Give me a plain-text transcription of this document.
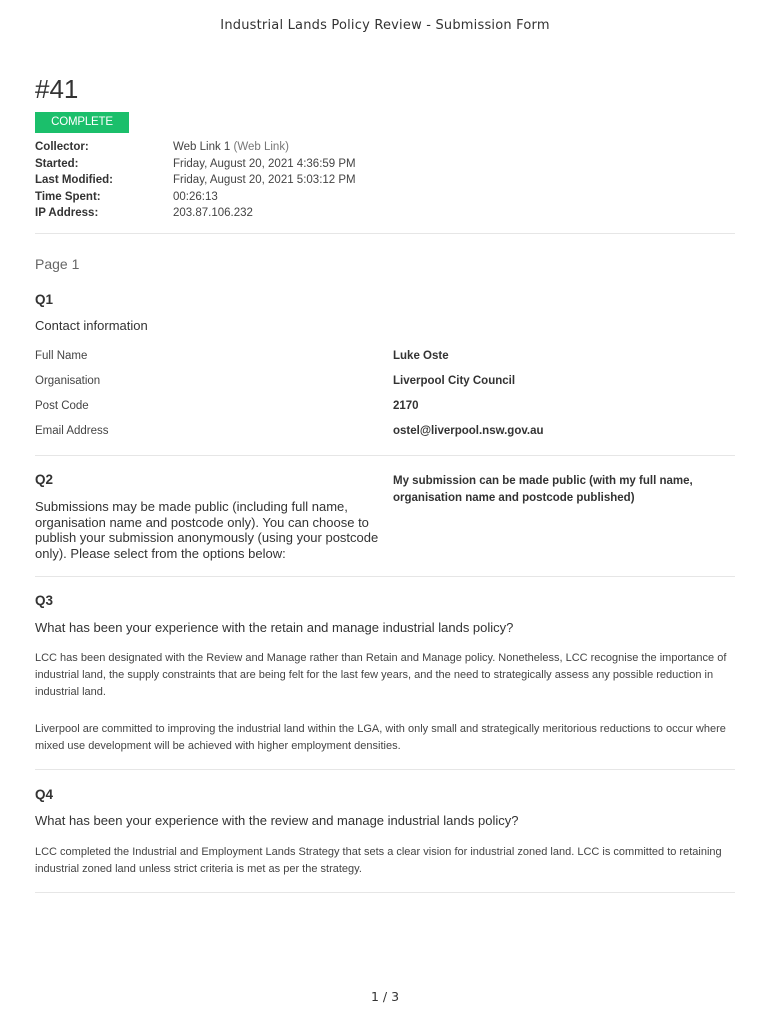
Industrial Lands Policy Review - Submission Form
#41
COMPLETE
Collector:	Web Link 1 (Web Link)
Started:	Friday, August 20, 2021 4:36:59 PM
Last Modified:	Friday, August 20, 2021 5:03:12 PM
Time Spent:	00:26:13
IP Address:	203.87.106.232
Page 1
Q1
Contact information
Full Name	Luke Oste
Organisation	Liverpool City Council
Post Code	2170
Email Address	ostel@liverpool.nsw.gov.au
Q2
Submissions may be made public (including full name, organisation name and postcode only). You can choose to publish your submission anonymously (using your postcode only). Please select from the options below:
My submission can be made public (with my full name, organisation name and postcode published)
Q3
What has been your experience with the retain and manage industrial lands policy?
LCC has been designated with the Review and Manage rather than Retain and Manage policy. Nonetheless, LCC recognise the importance of industrial land, the supply constraints that are being felt for the last few years, and the need to strategically assess any possible reduction in industrial land.
Liverpool are committed to improving the industrial land within the LGA, with only small and strategically meritorious reductions to occur where mixed use development will be achieved with higher employment densities.
Q4
What has been your experience with the review and manage industrial lands policy?
LCC completed the Industrial and Employment Lands Strategy that sets a clear vision for industrial zoned land. LCC is committed to retaining industrial zoned land unless strict criteria is met as per the strategy.
1 / 3
